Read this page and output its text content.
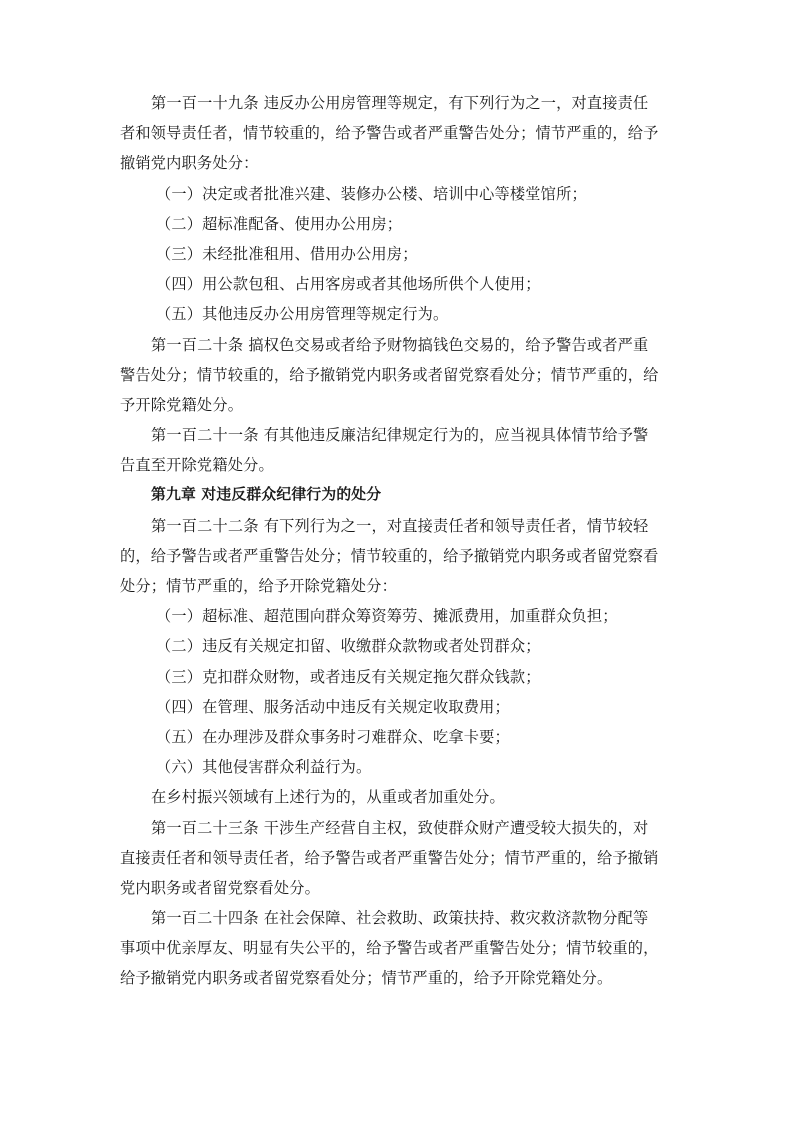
第一百一十九条 违反办公用房管理等规定，有下列行为之一，对直接责任
者和领导责任者，情节较重的，给予警告或者严重警告处分；情节严重的，给予
撤销党内职务处分：
（一）决定或者批准兴建、装修办公楼、培训中心等楼堂馆所；
（二）超标准配备、使用办公用房；
（三）未经批准租用、借用办公用房；
（四）用公款包租、占用客房或者其他场所供个人使用；
（五）其他违反办公用房管理等规定行为。
第一百二十条 搞权色交易或者给予财物搞钱色交易的，给予警告或者严重
警告处分；情节较重的，给予撤销党内职务或者留党察看处分；情节严重的，给
予开除党籍处分。
第一百二十一条 有其他违反廉洁纪律规定行为的，应当视具体情节给予警
告直至开除党籍处分。
第九章 对违反群众纪律行为的处分
第一百二十二条 有下列行为之一，对直接责任者和领导责任者，情节较轻
的，给予警告或者严重警告处分；情节较重的，给予撤销党内职务或者留党察看
处分；情节严重的，给予开除党籍处分：
（一）超标准、超范围向群众筹资筹劳、摊派费用，加重群众负担；
（二）违反有关规定扣留、收缴群众款物或者处罚群众；
（三）克扣群众财物，或者违反有关规定拖欠群众钱款；
（四）在管理、服务活动中违反有关规定收取费用；
（五）在办理涉及群众事务时刁难群众、吃拿卡要；
（六）其他侵害群众利益行为。
在乡村振兴领域有上述行为的，从重或者加重处分。
第一百二十三条 干涉生产经营自主权，致使群众财产遭受较大损失的，对
直接责任者和领导责任者，给予警告或者严重警告处分；情节严重的，给予撤销
党内职务或者留党察看处分。
第一百二十四条 在社会保障、社会救助、政策扶持、救灾救济款物分配等
事项中优亲厚友、明显有失公平的，给予警告或者严重警告处分；情节较重的，
给予撤销党内职务或者留党察看处分；情节严重的，给予开除党籍处分。
